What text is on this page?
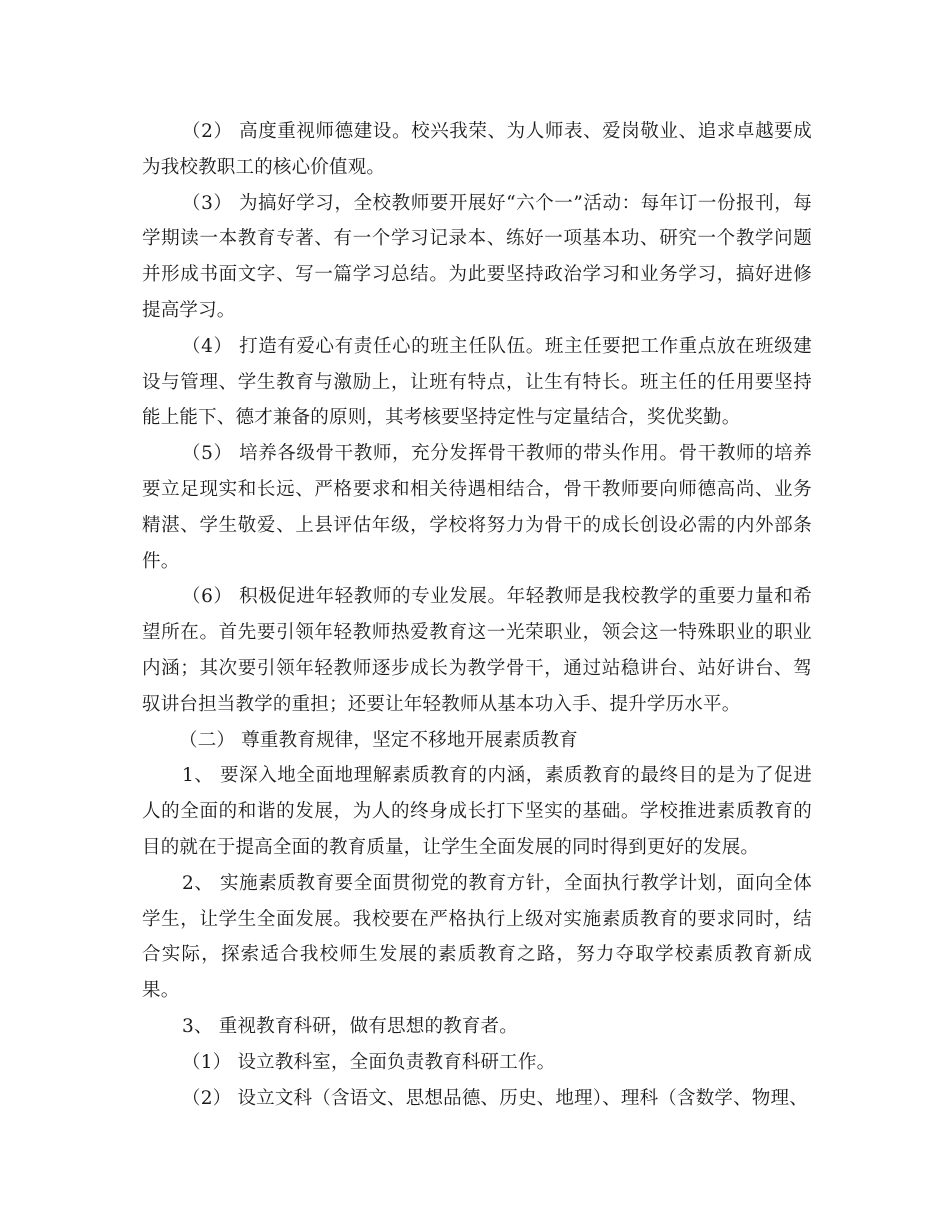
（2） 高度重视师德建设。校兴我荣、为人师表、爱岗敬业、追求卓越要成为我校教职工的核心价值观。

（3） 为搞好学习，全校教师要开展好“六个一”活动：每年订一份报刊，每学期读一本教育专著、有一个学习记录本、练好一项基本功、研究一个教学问题并形成书面文字、写一篇学习总结。为此要坚持政治学习和业务学习，搞好进修提高学习。

（4） 打造有爱心有责任心的班主任队伍。班主任要把工作重点放在班级建设与管理、学生教育与激励上，让班有特点，让生有特长。班主任的任用要坚持能上能下、德才兼备的原则，其考核要坚持定性与定量结合，奖优奖勤。

（5） 培养各级骨干教师，充分发挥骨干教师的带头作用。骨干教师的培养要立足现实和长远、严格要求和相关待遇相结合，骨干教师要向师德高尚、业务精湛、学生敬爱、上县评估年级，学校将努力为骨干的成长创设必需的内外部条件。

（6） 积极促进年轻教师的专业发展。年轻教师是我校教学的重要力量和希望所在。首先要引领年轻教师热爱教育这一光荣职业，领会这一特殊职业的职业内涵；其次要引领年轻教师逐步成长为教学骨干，通过站稳讲台、站好讲台、驾驭讲台担当教学的重担；还要让年轻教师从基本功入手、提升学历水平。

（二） 尊重教育规律，坚定不移地开展素质教育

1、 要深入地全面地理解素质教育的内涵，素质教育的最终目的是为了促进人的全面的和谐的发展，为人的终身成长打下坚实的基础。学校推进素质教育的目的就在于提高全面的教育质量，让学生全面发展的同时得到更好的发展。

2、 实施素质教育要全面贯彻党的教育方针，全面执行教学计划，面向全体学生，让学生全面发展。我校要在严格执行上级对实施素质教育的要求同时，结合实际，探索适合我校师生发展的素质教育之路，努力夺取学校素质教育新成果。

3、 重视教育科研，做有思想的教育者。

（1） 设立教科室，全面负责教育科研工作。

（2） 设立文科（含语文、思想品德、历史、地理）、理科（含数学、物理、
